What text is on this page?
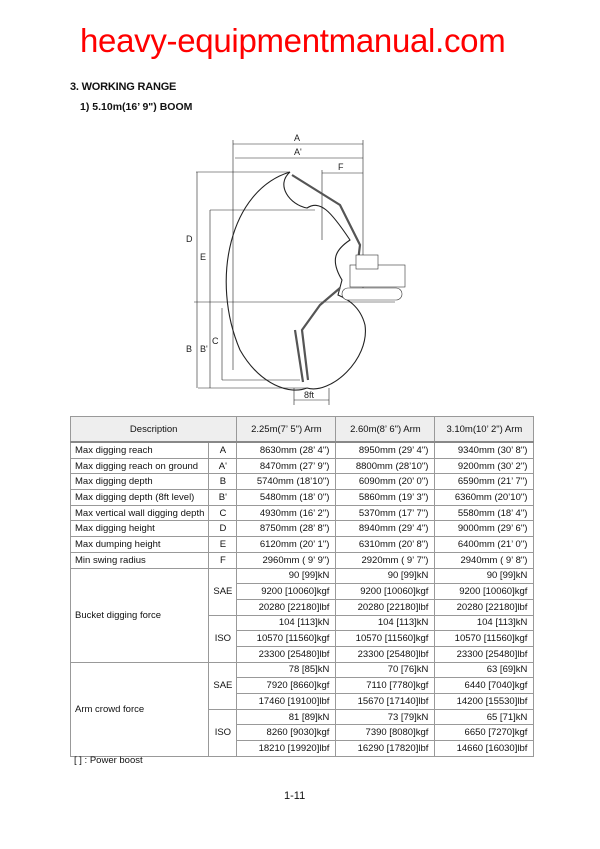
heavy-equipmentmanual.com
3. WORKING RANGE
1) 5.10m(16’ 9") BOOM
A
A'
F
D
E
B B'
C
8ft
Description		2.25m(7’ 5") Arm	2.60m(8’ 6") Arm	3.10m(10’ 2") Arm
Max digging reach	A	8630mm (28’ 4")	8950mm (29’ 4")	9340mm (30’ 8")
Max digging reach on ground	A'	8470mm (27’ 9")	8800mm (28’10")	9200mm (30’ 2")
Max digging depth	B	5740mm (18’10")	6090mm (20’ 0")	6590mm (21’ 7")
Max digging depth (8ft level)	B'	5480mm (18’ 0")	5860mm (19’ 3")	6360mm (20’10")
Max vertical wall digging depth	C	4930mm (16’ 2")	5370mm (17’ 7")	5580mm (18’ 4")
Max digging height	D	8750mm (28’ 8")	8940mm (29’ 4")	9000mm (29’ 6")
Max dumping height	E	6120mm (20’ 1")	6310mm (20’ 8")	6400mm (21’ 0")
Min swing radius	F	2960mm ( 9’ 9")	2920mm ( 9’ 7")	2940mm ( 9’ 8")
Bucket digging force	SAE	90 [99]kN	90 [99]kN	90 [99]kN
		9200 [10060]kgf	9200 [10060]kgf	9200 [10060]kgf
		20280 [22180]lbf	20280 [22180]lbf	20280 [22180]lbf
	ISO	104 [113]kN	104 [113]kN	104 [113]kN
		10570 [11560]kgf	10570 [11560]kgf	10570 [11560]kgf
		23300 [25480]lbf	23300 [25480]lbf	23300 [25480]lbf
Arm crowd force	SAE	78 [85]kN	70 [76]kN	63 [69]kN
		7920 [8660]kgf	7110 [7780]kgf	6440 [7040]kgf
		17460 [19100]lbf	15670 [17140]lbf	14200 [15530]lbf
	ISO	81 [89]kN	73 [79]kN	65 [71]kN
		8260 [9030]kgf	7390 [8080]kgf	6650 [7270]kgf
		18210 [19920]lbf	16290 [17820]lbf	14660 [16030]lbf
[ ] : Power boost
1-11
